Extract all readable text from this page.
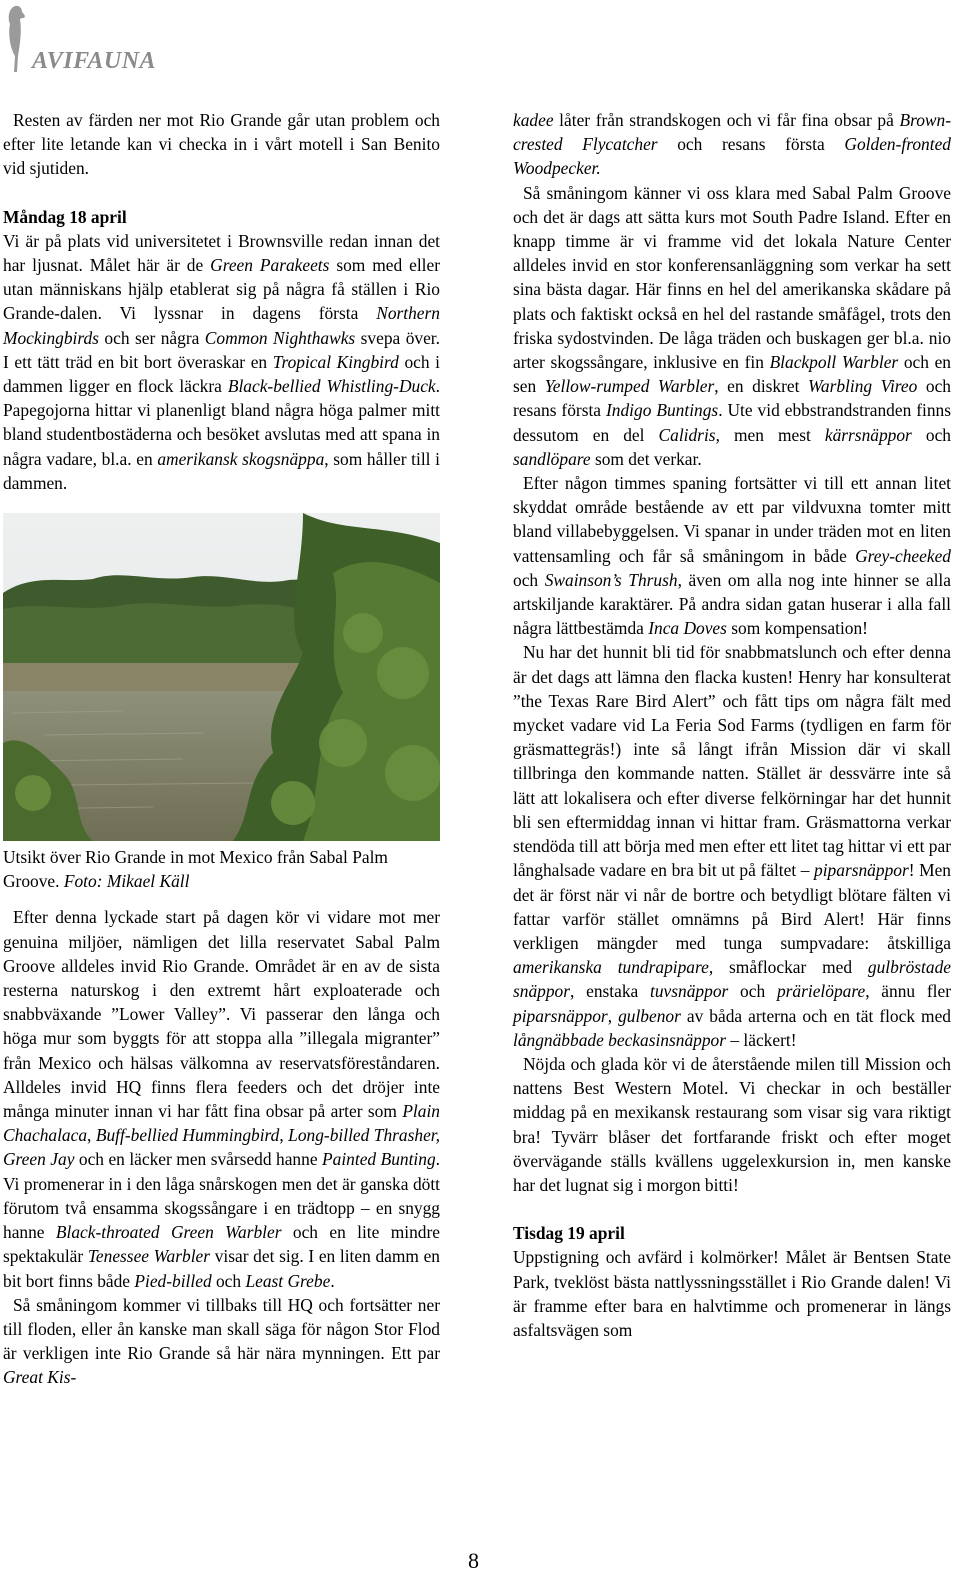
AVIFAUNA

Resten av färden ner mot Rio Grande går utan problem och efter lite letande kan vi checka in i vårt motell i San Benito vid sjutiden.

Måndag 18 april

Vi är på plats vid universitetet i Brownsville redan innan det har ljusnat. Målet här är de Green Parakeets som med eller utan människans hjälp etablerat sig på några få ställen i Rio Grande-dalen. Vi lyssnar in dagens första Northern Mockingbirds och ser några Common Nighthawks svepa över. I ett tätt träd en bit bort överaskar en Tropical Kingbird och i dammen ligger en flock läckra Black-bellied Whistling-Duck. Papegojorna hittar vi planenligt bland några höga palmer mitt bland studentbostäderna och besöket avslutas med att spana in några vadare, bl.a. en amerikansk skogsnäppa, som håller till i dammen.

Utsikt över Rio Grande in mot Mexico från Sabal Palm Groove. Foto: Mikael Käll

Efter denna lyckade start på dagen kör vi vidare mot mer genuina miljöer, nämligen det lilla reservatet Sabal Palm Groove alldeles invid Rio Grande. Området är en av de sista resterna naturskog i den extremt hårt exploaterade och snabbväxande ”Lower Valley”. Vi passerar den långa och höga mur som byggts för att stoppa alla ”illegala migranter” från Mexico och hälsas välkomna av reservatsföreståndaren. Alldeles invid HQ finns flera feeders och det dröjer inte många minuter innan vi har fått fina obsar på arter som Plain Chachalaca, Buff-bellied Hummingbird, Long-billed Thrasher, Green Jay och en läcker men svårsedd hanne Painted Bunting. Vi promenerar in i den låga snårskogen men det är ganska dött förutom två ensamma skogssångare i en trädtopp – en snygg hanne Black-throated Green Warbler och en lite mindre spektakulär Tenessee Warbler visar det sig. I en liten damm en bit bort finns både Pied-billed och Least Grebe.

Så småningom kommer vi tillbaks till HQ och fortsätter ner till floden, eller ån kanske man skall säga för någon Stor Flod är verkligen inte Rio Grande så här nära mynningen. Ett par Great Kis-

kadee låter från strandskogen och vi får fina obsar på Brown-crested Flycatcher och resans första Golden-fronted Woodpecker.

Så småningom känner vi oss klara med Sabal Palm Groove och det är dags att sätta kurs mot South Padre Island. Efter en knapp timme är vi framme vid det lokala Nature Center alldeles invid en stor konferensanläggning som verkar ha sett sina bästa dagar. Här finns en hel del amerikanska skådare på plats och faktiskt också en hel del rastande småfågel, trots den friska sydostvinden. De låga träden och buskagen ger bl.a. nio arter skogssångare, inklusive en fin Blackpoll Warbler och en sen Yellow-rumped Warbler, en diskret Warbling Vireo och resans första Indigo Buntings. Ute vid ebbstrandstranden finns dessutom en del Calidris, men mest kärrsnäppor och sandlöpare som det verkar.

Efter någon timmes spaning fortsätter vi till ett annan litet skyddat område bestående av ett par vildvuxna tomter mitt bland villabebyggelsen. Vi spanar in under träden mot en liten vattensamling och får så småningom in både Grey-cheeked och Swainson’s Thrush, även om alla nog inte hinner se alla artskiljande karaktärer. På andra sidan gatan huserar i alla fall några lättbestämda Inca Doves som kompensation!

Nu har det hunnit bli tid för snabbmatslunch och efter denna är det dags att lämna den flacka kusten! Henry har konsulterat ”the Texas Rare Bird Alert” och fått tips om några fält med mycket vadare vid La Feria Sod Farms (tydligen en farm för gräsmattegräs!) inte så långt ifrån Mission där vi skall tillbringa den kommande natten. Stället är dessvärre inte så lätt att lokalisera och efter diverse felkörningar har det hunnit bli sen eftermiddag innan vi hittar fram. Gräsmattorna verkar stendöda till att börja med men efter ett litet tag hittar vi ett par långhalsade vadare en bra bit ut på fältet – piparsnäppor! Men det är först när vi når de bortre och betydligt blötare fälten vi fattar varför stället omnämns på Bird Alert! Här finns verkligen mängder med tunga sumpvadare: åtskilliga amerikanska tundrapipare, småflockar med gulbröstade snäppor, enstaka tuvsnäppor och prärielöpare, ännu fler piparsnäppor, gulbenor av båda arterna och en tät flock med långnäbbade beckasinsnäppor – läckert!

Nöjda och glada kör vi de återstående milen till Mission och nattens Best Western Motel. Vi checkar in och beställer middag på en mexikansk restaurang som visar sig vara riktigt bra! Tyvärr blåser det fortfarande friskt och efter moget övervägande ställs kvällens uggelexkursion in, men kanske har det lugnat sig i morgon bitti!

Tisdag 19 april

Uppstigning och avfärd i kolmörker! Målet är Bentsen State Park, tveklöst bästa nattlyssningsstället i Rio Grande dalen! Vi är framme efter bara en halvtimme och promenerar in längs asfaltsvägen som

8
